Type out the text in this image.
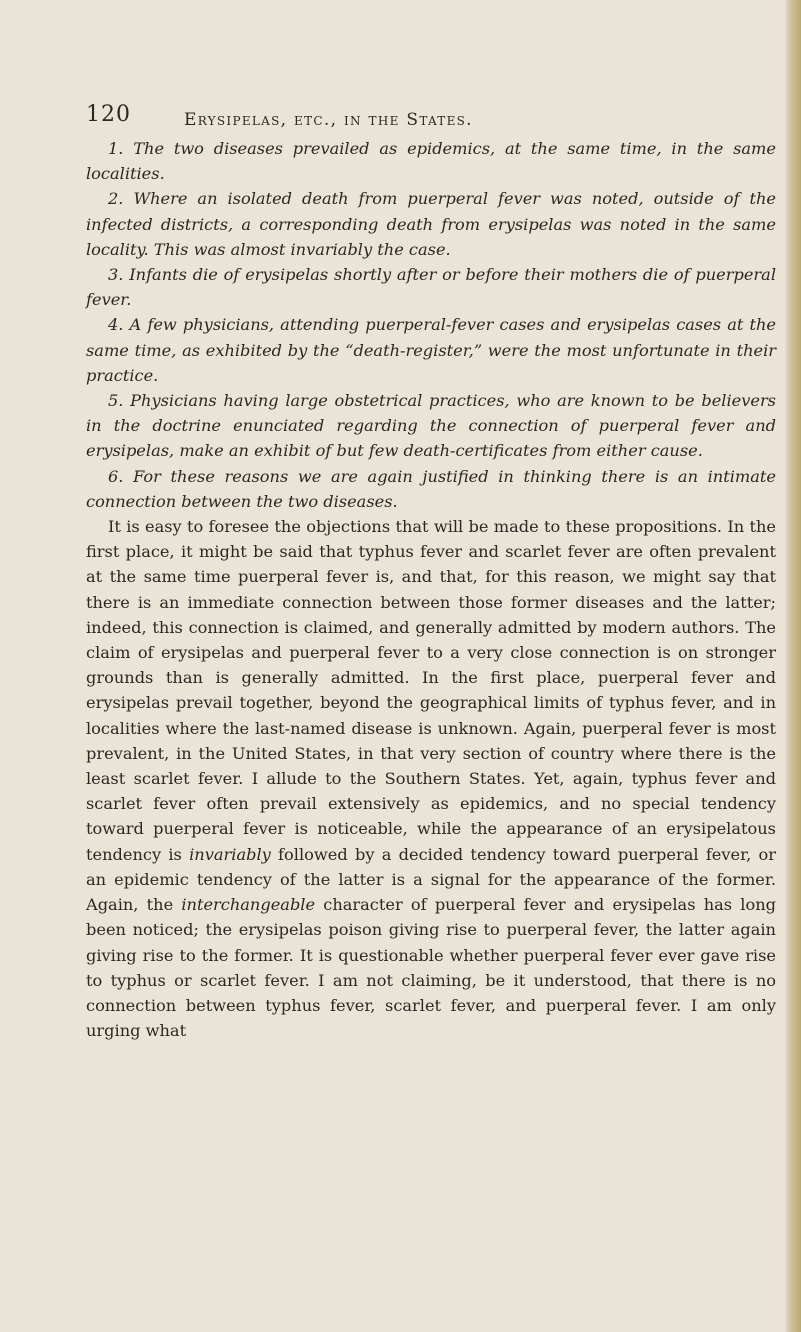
120	Erysipelas, etc., in the States.

1. The two diseases prevailed as epidemics, at the same time, in the same localities.

2. Where an isolated death from puerperal fever was noted, outside of the infected districts, a corresponding death from erysipelas was noted in the same locality. This was almost invariably the case.

3. Infants die of erysipelas shortly after or before their mothers die of puerperal fever.

4. A few physicians, attending puerperal-fever cases and erysipelas cases at the same time, as exhibited by the “death-register,” were the most unfortunate in their practice.

5. Physicians having large obstetrical practices, who are known to be believers in the doctrine enunciated regarding the connection of puerperal fever and erysipelas, make an exhibit of but few death-certificates from either cause.

6. For these reasons we are again justified in thinking there is an intimate connection between the two diseases.

It is easy to foresee the objections that will be made to these propositions. In the first place, it might be said that typhus fever and scarlet fever are often prevalent at the same time puerperal fever is, and that, for this reason, we might say that there is an immediate connection between those former diseases and the latter; indeed, this connection is claimed, and generally admitted by modern authors. The claim of erysipelas and puerperal fever to a very close connection is on stronger grounds than is generally admitted. In the first place, puerperal fever and erysipelas prevail together, beyond the geographical limits of typhus fever, and in localities where the last-named disease is unknown. Again, puerperal fever is most prevalent, in the United States, in that very section of country where there is the least scarlet fever. I allude to the Southern States. Yet, again, typhus fever and scarlet fever often prevail extensively as epidemics, and no special tendency toward puerperal fever is noticeable, while the appearance of an erysipelatous tendency is invariably followed by a decided tendency toward puerperal fever, or an epidemic tendency of the latter is a signal for the appearance of the former. Again, the interchangeable character of puerperal fever and erysipelas has long been noticed; the erysipelas poison giving rise to puerperal fever, the latter again giving rise to the former. It is questionable whether puerperal fever ever gave rise to typhus or scarlet fever. I am not claiming, be it understood, that there is no connection between typhus fever, scarlet fever, and puerperal fever. I am only urging what
